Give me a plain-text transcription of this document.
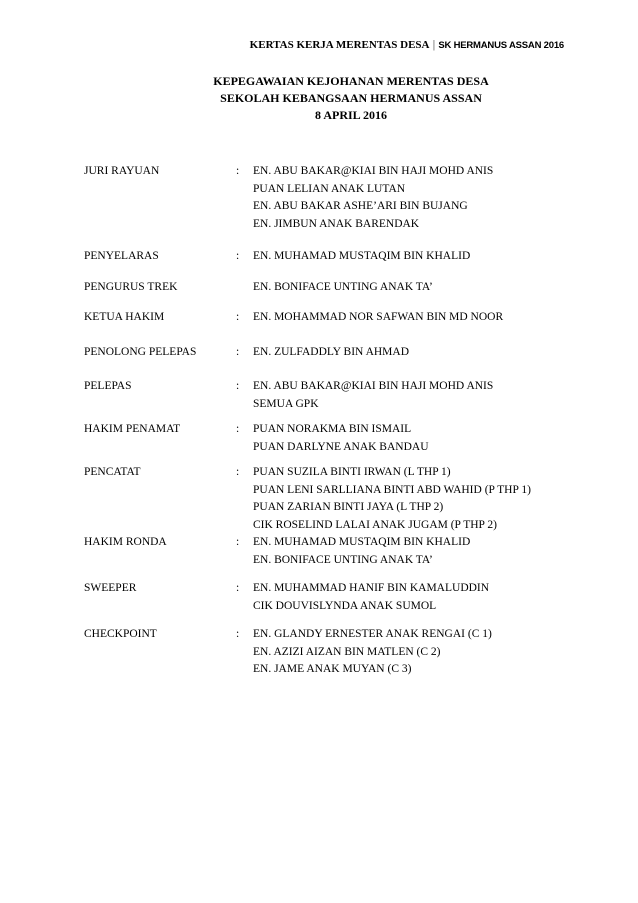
KERTAS KERJA MERENTAS DESA | SK HERMANUS ASSAN 2016
KEPEGAWAIAN KEJOHANAN MERENTAS DESA
SEKOLAH KEBANGSAAN HERMANUS ASSAN
8 APRIL 2016
JURI RAYUAN	:	EN. ABU BAKAR@KIAI BIN HAJI MOHD ANIS
PUAN LELIAN ANAK LUTAN
EN. ABU BAKAR ASHE’ARI BIN BUJANG
EN. JIMBUN ANAK BARENDAK
PENYELARAS	:	EN. MUHAMAD MUSTAQIM BIN KHALID
PENGURUS TREK	EN. BONIFACE UNTING ANAK TA’
KETUA HAKIM	:	EN. MOHAMMAD NOR SAFWAN BIN MD NOOR
PENOLONG PELEPAS	:	EN. ZULFADDLY BIN AHMAD
PELEPAS	:	EN. ABU BAKAR@KIAI BIN HAJI MOHD ANIS
SEMUA GPK
HAKIM PENAMAT	:	PUAN NORAKMA BIN ISMAIL
PUAN DARLYNE ANAK BANDAU
PENCATAT	:	PUAN SUZILA BINTI IRWAN (L THP 1)
PUAN LENI SARLLIANA BINTI ABD WAHID (P THP 1)
PUAN ZARIAN BINTI JAYA (L THP 2)
CIK ROSELIND LALAI ANAK JUGAM (P THP 2)
HAKIM RONDA	:	EN. MUHAMAD MUSTAQIM BIN KHALID
EN. BONIFACE UNTING ANAK TA’
SWEEPER	:	EN. MUHAMMAD HANIF BIN KAMALUDDIN
CIK DOUVISLYNDA ANAK SUMOL
CHECKPOINT	:	EN. GLANDY ERNESTER ANAK RENGAI (C 1)
EN. AZIZI AIZAN BIN MATLEN (C 2)
EN. JAME ANAK MUYAN (C 3)
